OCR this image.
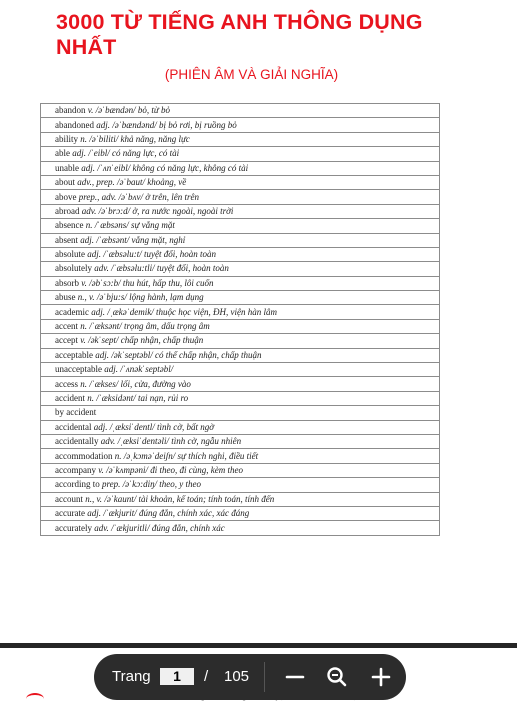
3000 TỪ TIẾNG ANH THÔNG DỤNG NHẤT
(PHIÊN ÂM VÀ GIẢI NGHĨA)
abandon v. /əˈbændən/ bỏ, từ bỏ
abandoned adj. /əˈbændənd/ bị bỏ rơi, bị ruồng bỏ
ability n. /əˈbiliti/ khả năng, năng lực
able adj. /ˈeibl/ có năng lực, có tài
unable adj. /ˈʌnˈeibl/ không có năng lực, không có tài
about adv., prep. /əˈbaut/ khoảng, về
above prep., adv. /əˈbʌv/ ở trên, lên trên
abroad adv. /əˈbrɔ:d/ ở, ra nước ngoài, ngoài trời
absence n. /ˈæbsəns/ sự vắng mặt
absent adj. /ˈæbsənt/ vắng mặt, nghỉ
absolute adj. /ˈæbsəlu:t/ tuyệt đối, hoàn toàn
absolutely adv. /ˈæbsəlu:tli/ tuyệt đối, hoàn toàn
absorb v. /əbˈsɔ:b/ thu hút, hấp thu, lôi cuốn
abuse n., v. /əˈbju:s/ lộng hành, lạm dụng
academic adj. /ˌækəˈdemik/ thuộc học viện, ĐH, viện hàn lâm
accent n. /ˈæksənt/ trọng âm, dấu trọng âm
accept v. /əkˈsept/ chấp nhận, chấp thuận
acceptable adj. /əkˈseptəbl/ có thể chấp nhận, chấp thuận
unacceptable adj. /ˈʌnəkˈseptəbl/
access n. /ˈækses/ lối, cửa, đường vào
accident n. /ˈæksidənt/ tai nạn, rủi ro
by accident
accidental adj. /ˌæksiˈdentl/ tình cờ, bất ngờ
accidentally adv. /ˌæksiˈdentəli/ tình cờ, ngẫu nhiên
accommodation n. /əˌkɔməˈdeiʃn/ sự thích nghi, điều tiết
accompany v. /əˈkʌmpəni/ đi theo, đi cùng, kèm theo
according to prep. /əˈkɔ:diŋ/ theo, y theo
account n., v. /əˈkaunt/ tài khoản, kế toán; tính toán, tính đến
accurate adj. /ˈækjurit/ đúng đắn, chính xác, xác đáng
accurately adv. /ˈækjuritli/ đúng đắn, chính xác
Trang
1	/ 105
